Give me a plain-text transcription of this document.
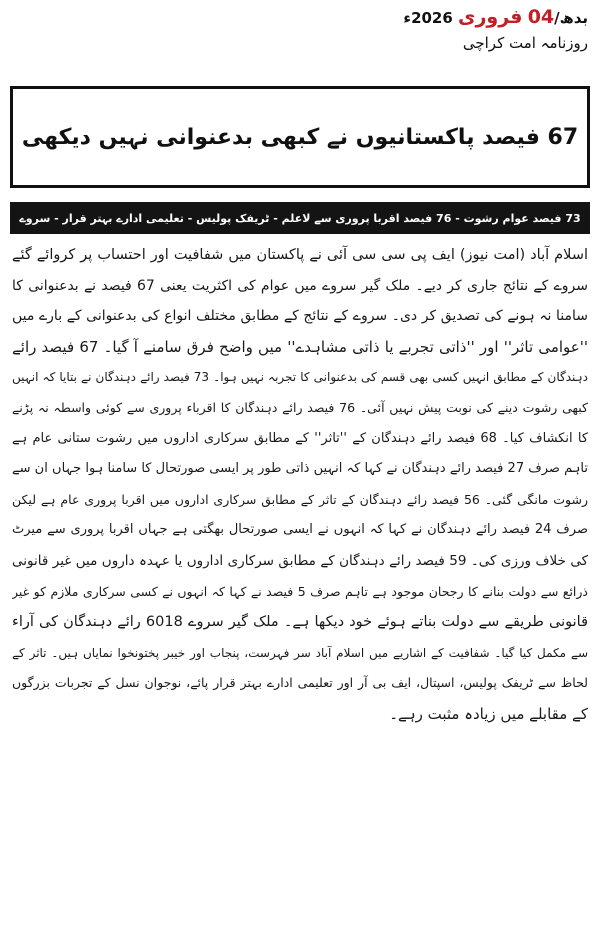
بدھ/04 فروری 2026ء
روزنامہ امت کراچی
67 فیصد پاکستانیوں نے کبھی بدعنوانی نہیں دیکھی
73 فیصد عوام رشوت - 76 فیصد اقربا پروری سے لاعلم - ٹریفک پولیس - تعلیمی ادارے بہتر قرار - سروے
اسلام آباد (امت نیوز) ایف پی سی سی آئی نے پاکستان میں شفافیت اور احتساب پر کروائے گئے
سروے کے نتائج جاری کر دیے۔ ملک گیر سروے میں عوام کی اکثریت یعنی 67 فیصد نے بدعنوانی کا
سامنا نہ ہونے کی تصدیق کر دی۔ سروے کے نتائج کے مطابق مختلف انواع کی بدعنوانی کے بارے میں
''عوامی تاثر'' اور ''ذاتی تجربے یا ذاتی مشاہدے'' میں واضح فرق سامنے آ گیا۔ 67 فیصد رائے
دہندگان کے مطابق انہیں کسی بھی قسم کی بدعنوانی کا تجربہ نہیں ہوا۔ 73 فیصد رائے دہندگان نے بتایا کہ انہیں
کبھی رشوت دینے کی نوبت پیش نہیں آئی۔ 76 فیصد رائے دہندگان کا اقرباء پروری سے کوئی واسطہ نہ پڑنے
کا انکشاف کیا۔ 68 فیصد رائے دہندگان کے ''تاثر'' کے مطابق سرکاری اداروں میں رشوت ستانی عام ہے
تاہم صرف 27 فیصد رائے دہندگان نے کہا کہ انہیں ذاتی طور پر ایسی صورتحال کا سامنا ہوا جہاں ان سے
رشوت مانگی گئی۔ 56 فیصد رائے دہندگان کے تاثر کے مطابق سرکاری اداروں میں اقربا پروری عام ہے لیکن
صرف 24 فیصد رائے دہندگان نے کہا کہ انہوں نے ایسی صورتحال بھگتی ہے جہاں اقربا پروری سے میرٹ
کی خلاف ورزی کی۔ 59 فیصد رائے دہندگان کے مطابق سرکاری اداروں یا عہدہ داروں میں غیر قانونی
ذرائع سے دولت بنانے کا رجحان موجود ہے تاہم صرف 5 فیصد نے کہا کہ انہوں نے کسی سرکاری ملازم کو غیر
قانونی طریقے سے دولت بناتے ہوئے خود دیکھا ہے۔ ملک گیر سروے 6018 رائے دہندگان کی آراء
سے مکمل کیا گیا۔ شفافیت کے اشاریے میں اسلام آباد سر فہرست، پنجاب اور خیبر پختونخوا نمایاں ہیں۔ تاثر کے
لحاظ سے ٹریفک پولیس، اسپتال، ایف بی آر اور تعلیمی ادارے بہتر قرار پائے، نوجوان نسل کے تجربات بزرگوں
کے مقابلے میں زیادہ مثبت رہے۔
